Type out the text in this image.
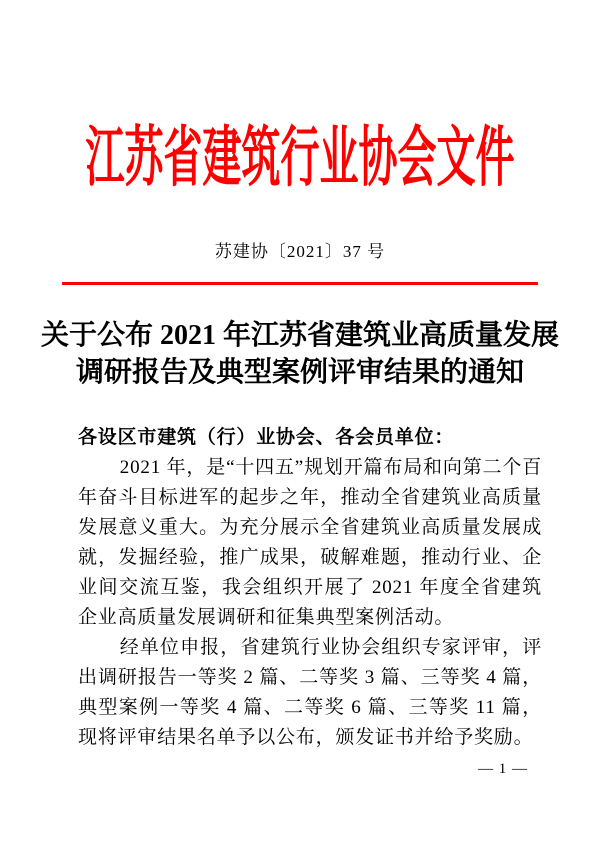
江苏省建筑行业协会文件
苏建协〔2021〕37 号
关于公布 2021 年江苏省建筑业高质量发展
调研报告及典型案例评审结果的通知
各设区市建筑（行）业协会、各会员单位：

2021 年，是“十四五”规划开篇布局和向第二个百年奋斗目标进军的起步之年，推动全省建筑业高质量发展意义重大。为充分展示全省建筑业高质量发展成就，发掘经验，推广成果，破解难题，推动行业、企业间交流互鉴，我会组织开展了 2021 年度全省建筑企业高质量发展调研和征集典型案例活动。

经单位申报，省建筑行业协会组织专家评审，评出调研报告一等奖 2 篇、二等奖 3 篇、三等奖 4 篇，典型案例一等奖 4 篇、二等奖 6 篇、三等奖 11 篇，现将评审结果名单予以公布，颁发证书并给予奖励。

— 1 —
